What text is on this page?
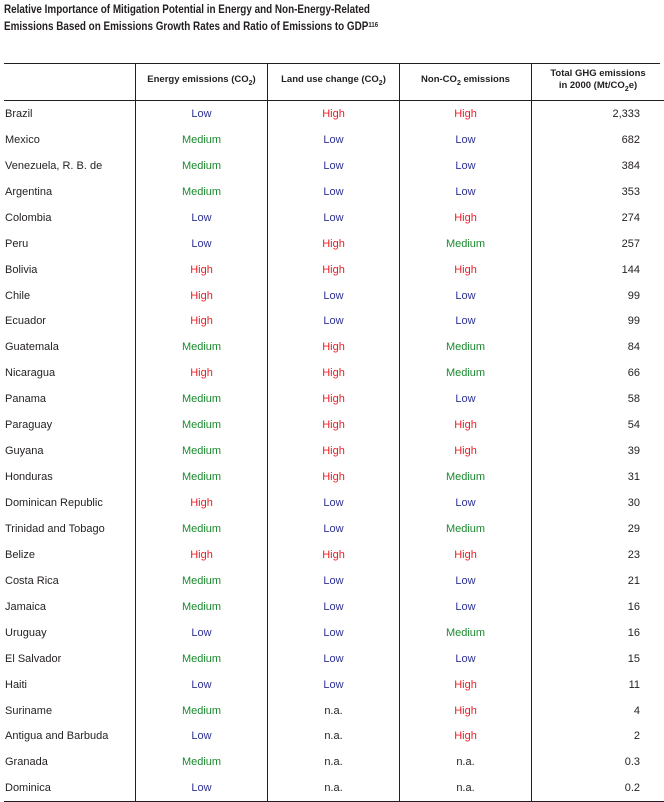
Relative Importance of Mitigation Potential in Energy and Non-Energy-Related
Emissions Based on Emissions Growth Rates and Ratio of Emissions to GDP$^{116}$
	Energy emissions $(CO_2)$	Land use change $(CO_2)$	Non-$CO_2$ emissions	Total GHG emissions
in 2000 $(Mt/CO_2e)$

Brazil	Low	High	High	2,333
Mexico	Medium	Low	Low	682
Venezuela, R. B. de	Medium	Low	Low	384
Argentina	Medium	Low	Low	353
Colombia	Low	Low	High	274
Peru	Low	High	Medium	257
Bolivia	High	High	High	144
Chile	High	Low	Low	99
Ecuador	High	Low	Low	99
Guatemala	Medium	High	Medium	84
Nicaragua	High	High	Medium	66
Panama	Medium	High	Low	58
Paraguay	Medium	High	High	54
Guyana	Medium	High	High	39
Honduras	Medium	High	Medium	31
Dominican Republic	High	Low	Low	30
Trinidad and Tobago	Medium	Low	Medium	29
Belize	High	High	High	23
Costa Rica	Medium	Low	Low	21
Jamaica	Medium	Low	Low	16
Uruguay	Low	Low	Medium	16
El Salvador	Medium	Low	Low	15
Haiti	Low	Low	High	11
Suriname	Medium	n.a.	High	4
Antigua and Barbuda	Low	n.a.	High	2
Granada	Medium	n.a.	n.a.	0.3
Dominica	Low	n.a.	n.a.	0.2
